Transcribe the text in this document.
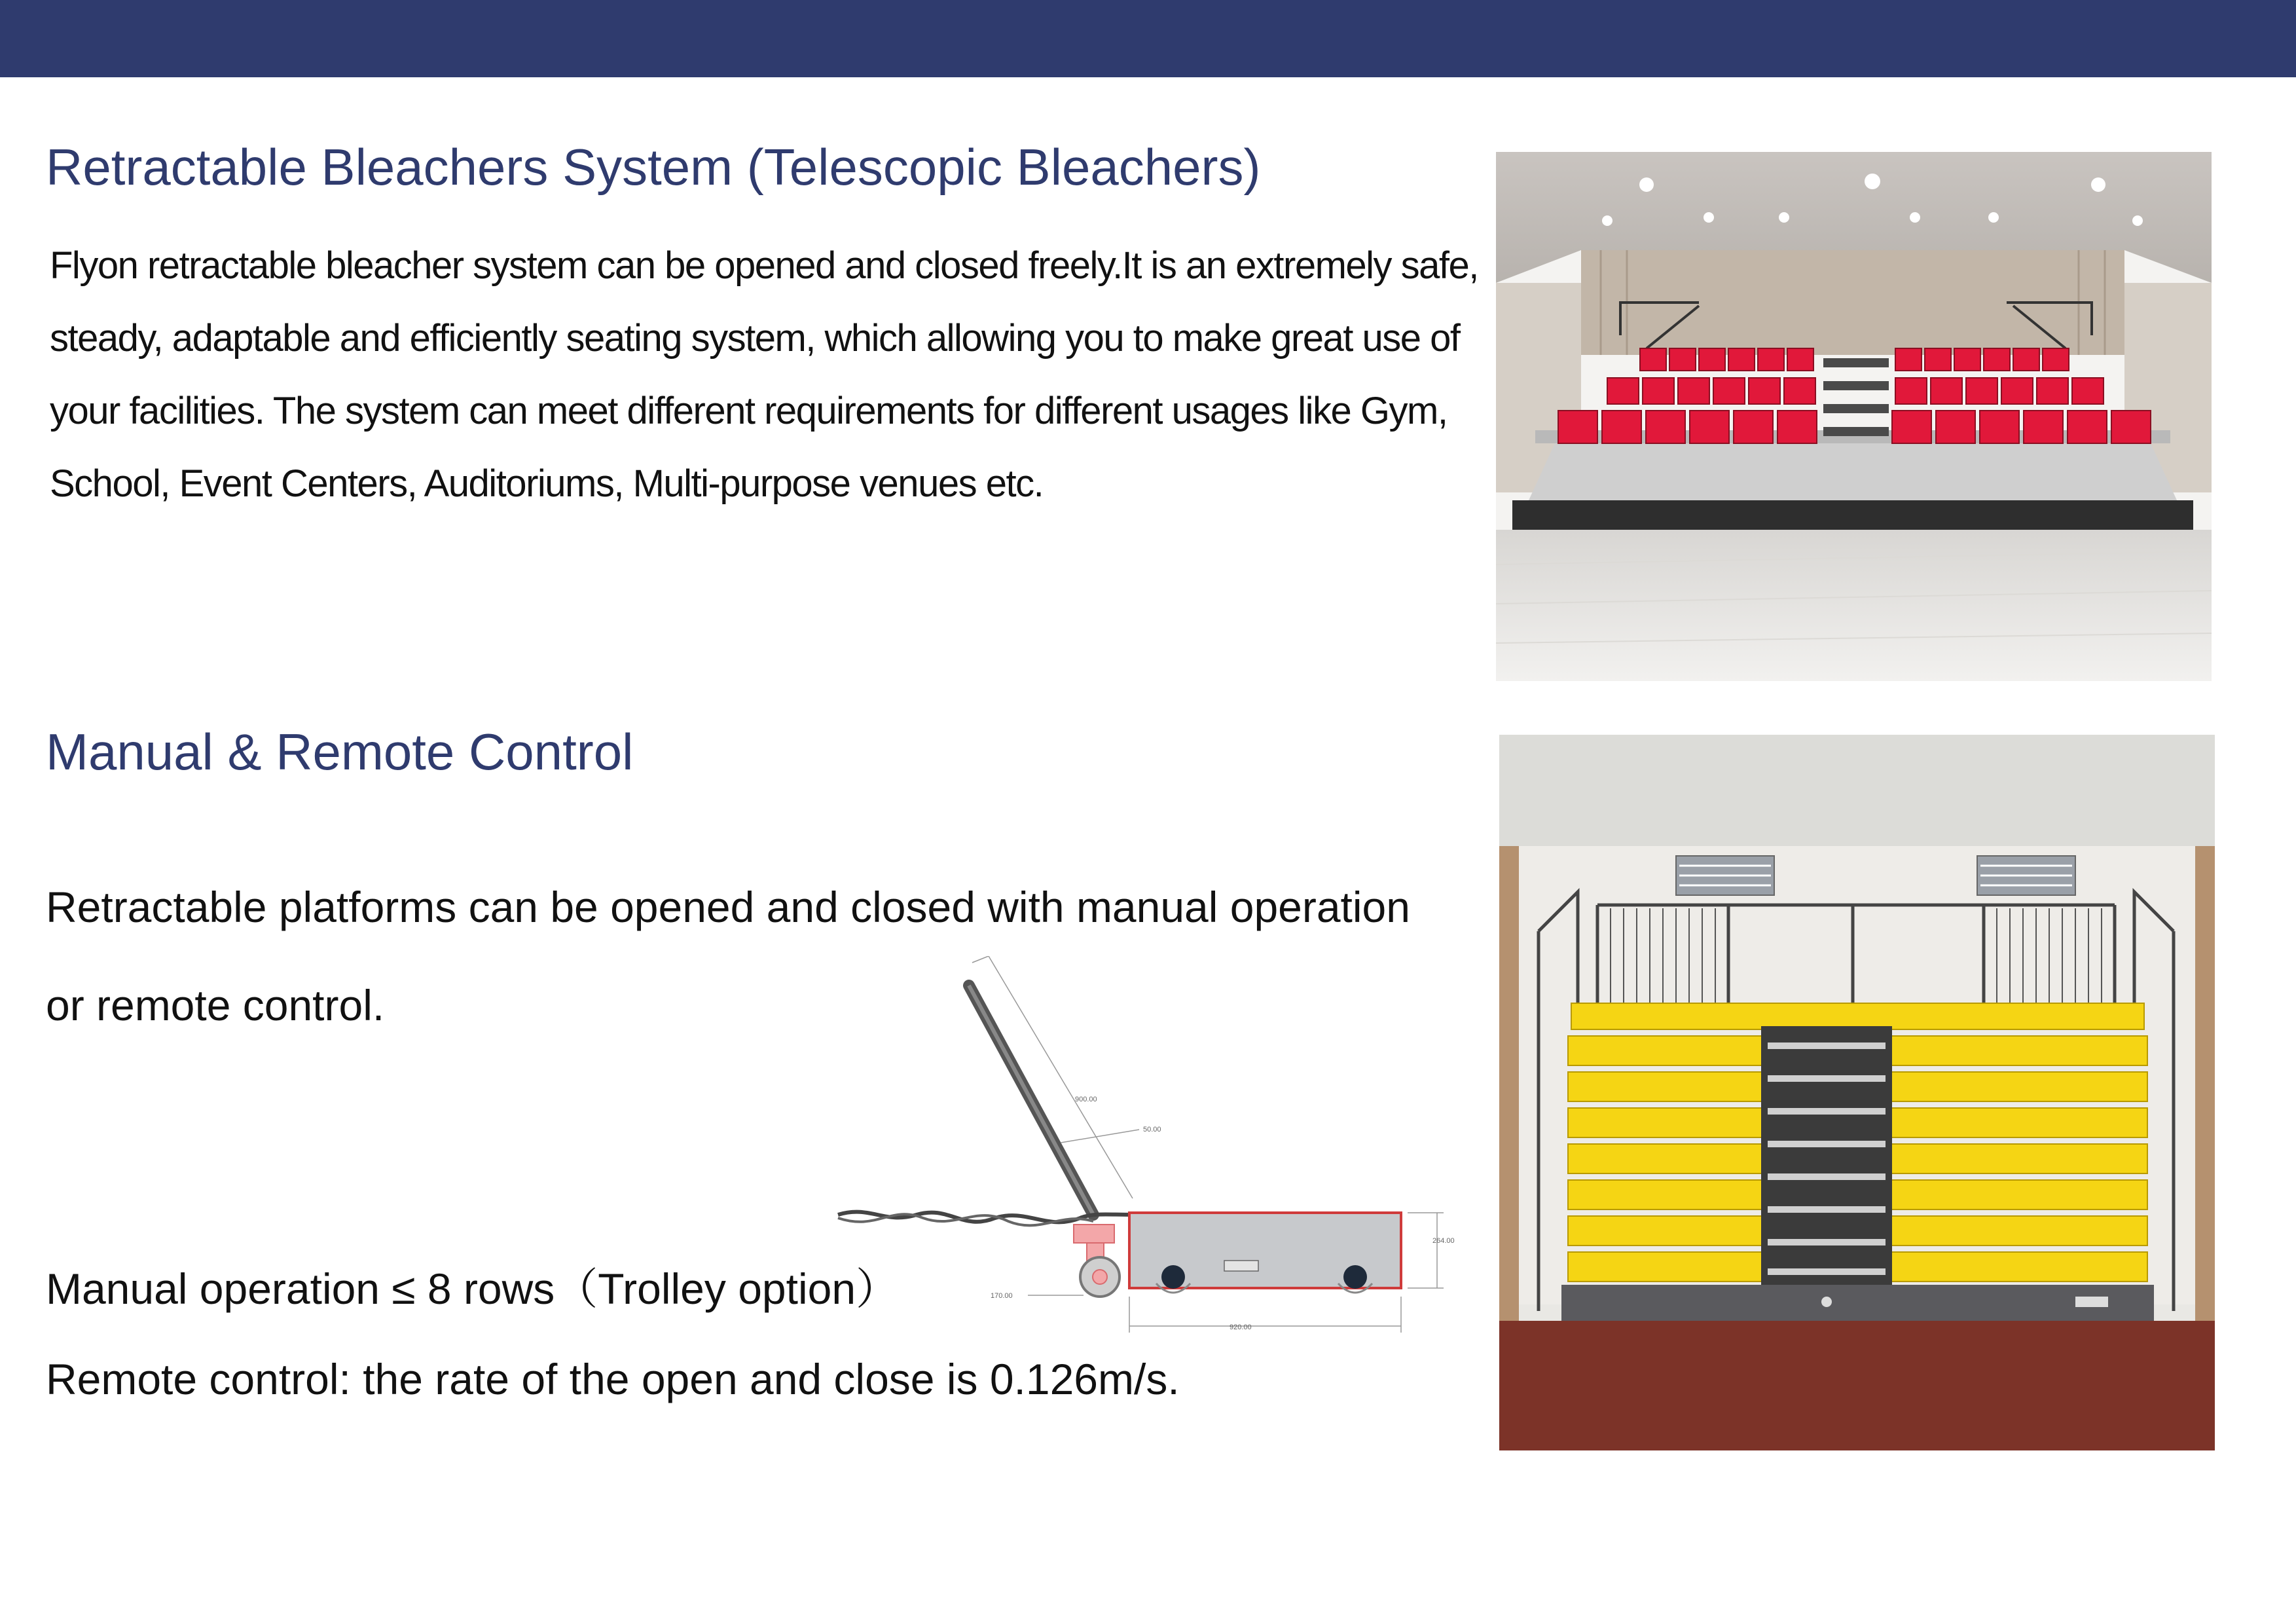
Retractable Bleachers System (Telescopic Bleachers)
Flyon retractable bleacher system can be opened and closed freely.It is an extremely safe,
steady, adaptable and efficiently seating system, which allowing you to make great use of
your facilities. The system can meet different requirements for different usages like Gym,
School, Event Centers, Auditoriums, Multi-purpose venues etc.
Manual & Remote Control
Retractable platforms can be opened and closed with manual operation
or remote control.
Manual operation ≤ 8 rows（Trolley option）
Remote control: the rate of the open and close is 0.126m/s.
900.00
50.00
264.00
170.00
920.00
